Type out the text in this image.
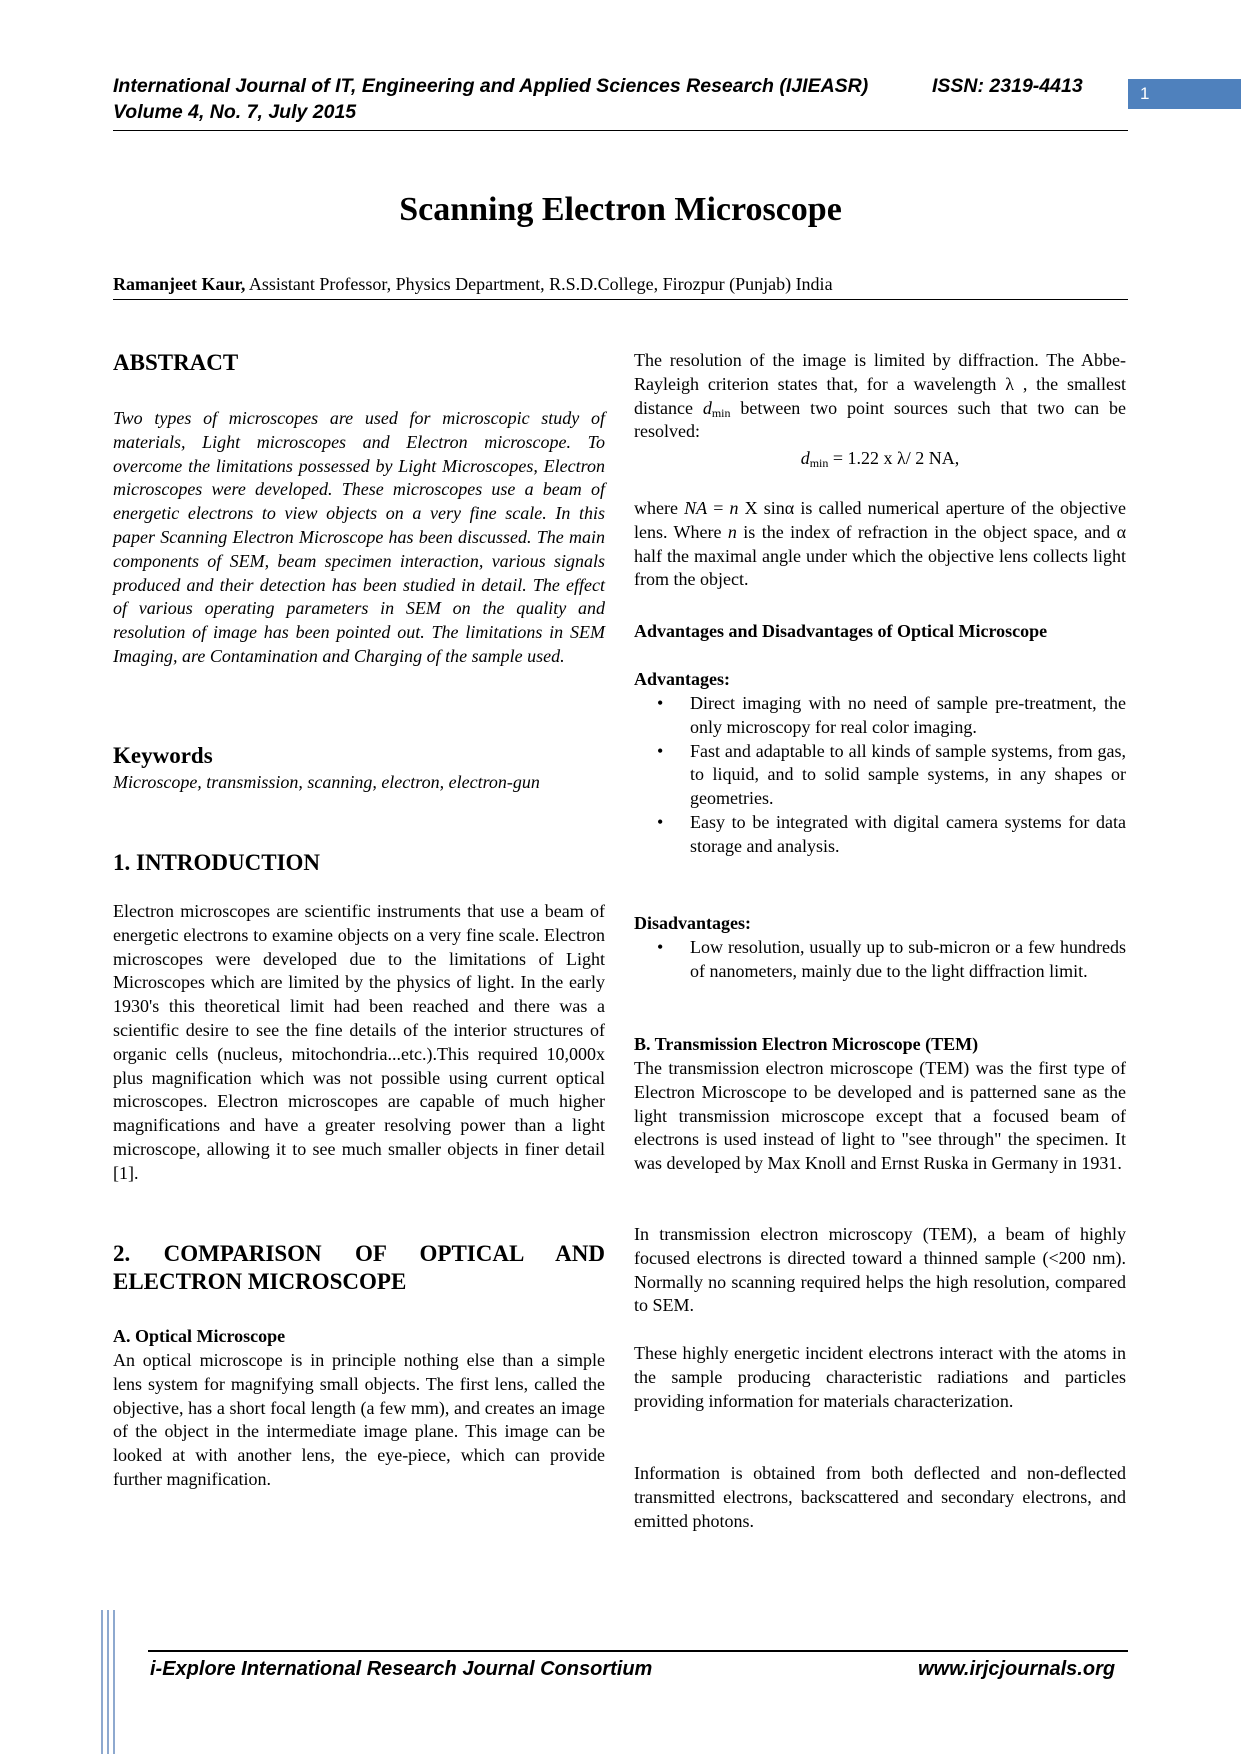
International Journal of IT, Engineering and Applied Sciences Research (IJIEASR)	ISSN: 2319-4413
Volume 4, No. 7, July 2015
1
Scanning Electron Microscope
Ramanjeet Kaur, Assistant Professor, Physics Department, R.S.D.College, Firozpur (Punjab) India
ABSTRACT

Two types of microscopes are used for microscopic study of materials, Light microscopes and Electron microscope. To overcome the limitations possessed by Light Microscopes, Electron microscopes were developed. These microscopes use a beam of energetic electrons to view objects on a very fine scale. In this paper Scanning Electron Microscope has been discussed. The main components of SEM, beam specimen interaction, various signals produced and their detection has been studied in detail. The effect of various operating parameters in SEM on the quality and resolution of image has been pointed out. The limitations in SEM Imaging, are Contamination and Charging of the sample used.

Keywords

Microscope, transmission, scanning, electron, electron-gun

1. INTRODUCTION

Electron microscopes are scientific instruments that use a beam of energetic electrons to examine objects on a very fine scale. Electron microscopes were developed due to the limitations of Light Microscopes which are limited by the physics of light. In the early 1930's this theoretical limit had been reached and there was a scientific desire to see the fine details of the interior structures of organic cells (nucleus, mitochondria...etc.).This required 10,000x plus magnification which was not possible using current optical microscopes. Electron microscopes are capable of much higher magnifications and have a greater resolving power than a light microscope, allowing it to see much smaller objects in finer detail [1].

2. COMPARISON OF OPTICAL AND ELECTRON MICROSCOPE
A. Optical Microscope

An optical microscope is in principle nothing else than a simple lens system for magnifying small objects. The first lens, called the objective, has a short focal length (a few mm), and creates an image of the object in the intermediate image plane. This image can be looked at with another lens, the eye-piece, which can provide further magnification.

The resolution of the image is limited by diffraction. The Abbe-Rayleigh criterion states that, for a wavelength λ , the smallest distance $d_{min}$ between two point sources such that two can be resolved:

$d_{min} = 1.22$ x λ/ 2 NA,

where NA = n X sinα is called numerical aperture of the objective lens. Where n is the index of refraction in the object space, and α half the maximal angle under which the objective lens collects light from the object.

Advantages and Disadvantages of Optical Microscope
Advantages:
• Direct imaging with no need of sample pre-treatment, the only microscopy for real color imaging.
• Fast and adaptable to all kinds of sample systems, from gas, to liquid, and to solid sample systems, in any shapes or geometries.
• Easy to be integrated with digital camera systems for data storage and analysis.
Disadvantages:
• Low resolution, usually up to sub-micron or a few hundreds of nanometers, mainly due to the light diffraction limit.
B. Transmission Electron Microscope (TEM)

The transmission electron microscope (TEM) was the first type of Electron Microscope to be developed and is patterned sane as the light transmission microscope except that a focused beam of electrons is used instead of light to "see through" the specimen. It was developed by Max Knoll and Ernst Ruska in Germany in 1931.

In transmission electron microscopy (TEM), a beam of highly focused electrons is directed toward a thinned sample (<200 nm). Normally no scanning required helps the high resolution, compared to SEM.

These highly energetic incident electrons interact with the atoms in the sample producing characteristic radiations and particles providing information for materials characterization.

Information is obtained from both deflected and non-deflected transmitted electrons, backscattered and secondary electrons, and emitted photons.

i-Explore International Research Journal Consortium	www.irjcjournals.org
